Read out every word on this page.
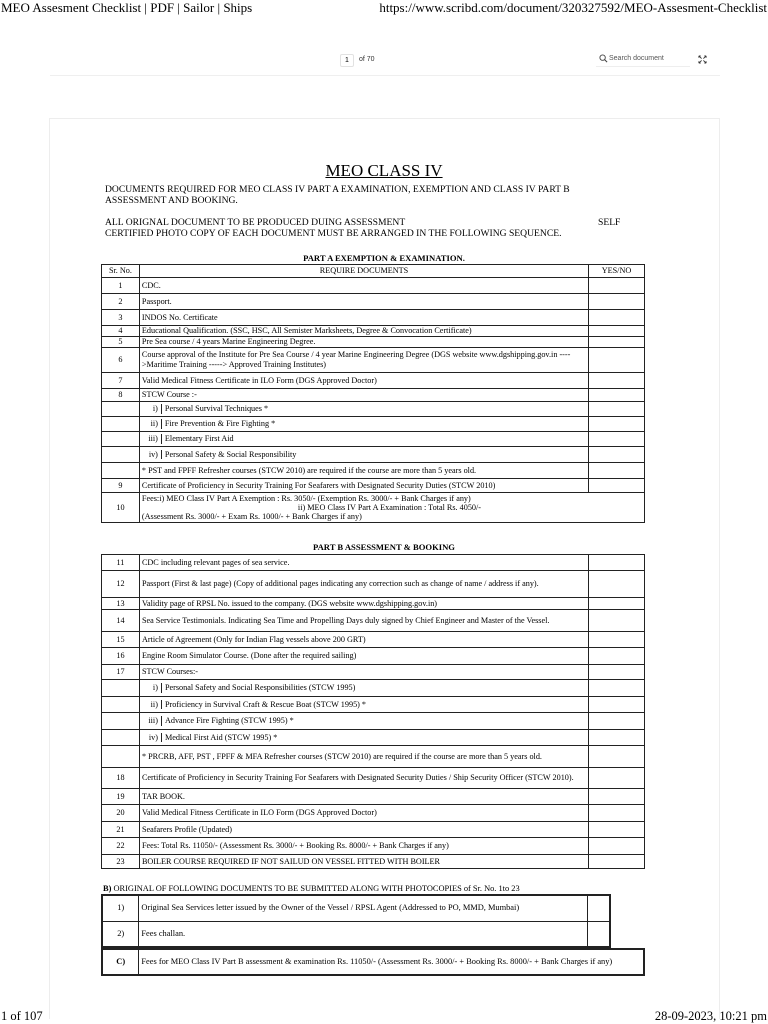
MEO Assesment Checklist | PDF | Sailor | Ships	https://www.scribd.com/document/320327592/MEO-Assesment-Checklist
1	of 70	Search document
MEO CLASS IV
DOCUMENTS REQUIRED FOR MEO CLASS IV PART A EXAMINATION, EXEMPTION AND CLASS IV PART B ASSESSMENT AND BOOKING.
ALL ORIGNAL DOCUMENT TO BE PRODUCED DUING ASSESSMENT	SELF
CERTIFIED PHOTO COPY OF EACH DOCUMENT MUST BE ARRANGED IN THE FOLLOWING SEQUENCE.
PART A EXEMPTION & EXAMINATION.
Sr. No.	REQUIRE DOCUMENTS	YES/NO
1	CDC.	
2	Passport.	
3	INDOS No. Certificate	
4	Educational Qualification. (SSC, HSC, All Semister Marksheets, Degree & Convocation Certificate)	
5	Pre Sea course / 4 years Marine Engineering Degree.	
6	Course approval of the Institute for Pre Sea Course / 4 year Marine Engineering Degree (DGS website www.dgshipping.gov.in ---->Maritime Training -----> Approved Training Institutes)	
7	Valid Medical Fitness Certificate in ILO Form (DGS Approved Doctor)	
8	STCW Course :-	

	i) Personal Survival Techniques *	

	ii) Fire Prevention & Fire Fighting *	

	iii) Elementary First Aid	

	iv) Personal Safety & Social Responsibility	

	* PST and FPFF Refresher courses (STCW 2010) are required if the course are more than 5 years old.	
9	Certificate of Proficiency in Security Training For Seafarers with Designated Security Duties (STCW 2010)	
10	Fees:i) MEO Class IV Part A Exemption : Rs. 3050/- (Exemption Rs. 3000/- + Bank Charges if any)
ii) MEO Class IV Part A Examination : Total Rs. 4050/-
(Assessment Rs. 3000/- + Exam Rs. 1000/- + Bank Charges if any)	
PART B ASSESSMENT & BOOKING
11	CDC including relevant pages of sea service.	
12	Passport (First & last page) (Copy of additional pages indicating any correction such as change of name / address if any).	
13	Validity page of RPSL No. issued to the company. (DGS website www.dgshipping.gov.in)	
14	Sea Service Testimonials. Indicating Sea Time and Propelling Days duly signed by Chief Engineer and Master of the Vessel.	
15	Article of Agreement (Only for Indian Flag vessels above 200 GRT)	
16	Engine Room Simulator Course. (Done after the required sailing)	
17	STCW Courses:-	

	i) Personal Safety and Social Responsibilities (STCW 1995)	

	ii) Proficiency in Survival Craft & Rescue Boat (STCW 1995) *	

	iii) Advance Fire Fighting (STCW 1995) *	

	iv) Medical First Aid (STCW 1995) *	

	* PRCRB, AFF, PST , FPFF & MFA Refresher courses (STCW 2010) are required if the course are more than 5 years old.	
18	Certificate of Proficiency in Security Training For Seafarers with Designated Security Duties / Ship Security Officer (STCW 2010).	
19	TAR BOOK.	
20	Valid Medical Fitness Certificate in ILO Form (DGS Approved Doctor)	
21	Seafarers Profile (Updated)	
22	Fees: Total Rs. 11050/- (Assessment Rs. 3000/- + Booking Rs. 8000/- + Bank Charges if any)	
23	BOILER COURSE REQUIRED IF NOT SAILUD ON VESSEL FITTED WITH BOILER	
B) ORIGINAL OF FOLLOWING DOCUMENTS TO BE SUBMITTED ALONG WITH PHOTOCOPIES of Sr. No. 1to 23
1)	Original Sea Services letter issued by the Owner of the Vessel / RPSL Agent (Addressed to PO, MMD, Mumbai)	
2)	Fees challan.	
C)	Fees for MEO Class IV Part B assessment & examination Rs. 11050/- (Assessment Rs. 3000/- + Booking Rs. 8000/- + Bank Charges if any)
1 of 107	28-09-2023, 10:21 pm
